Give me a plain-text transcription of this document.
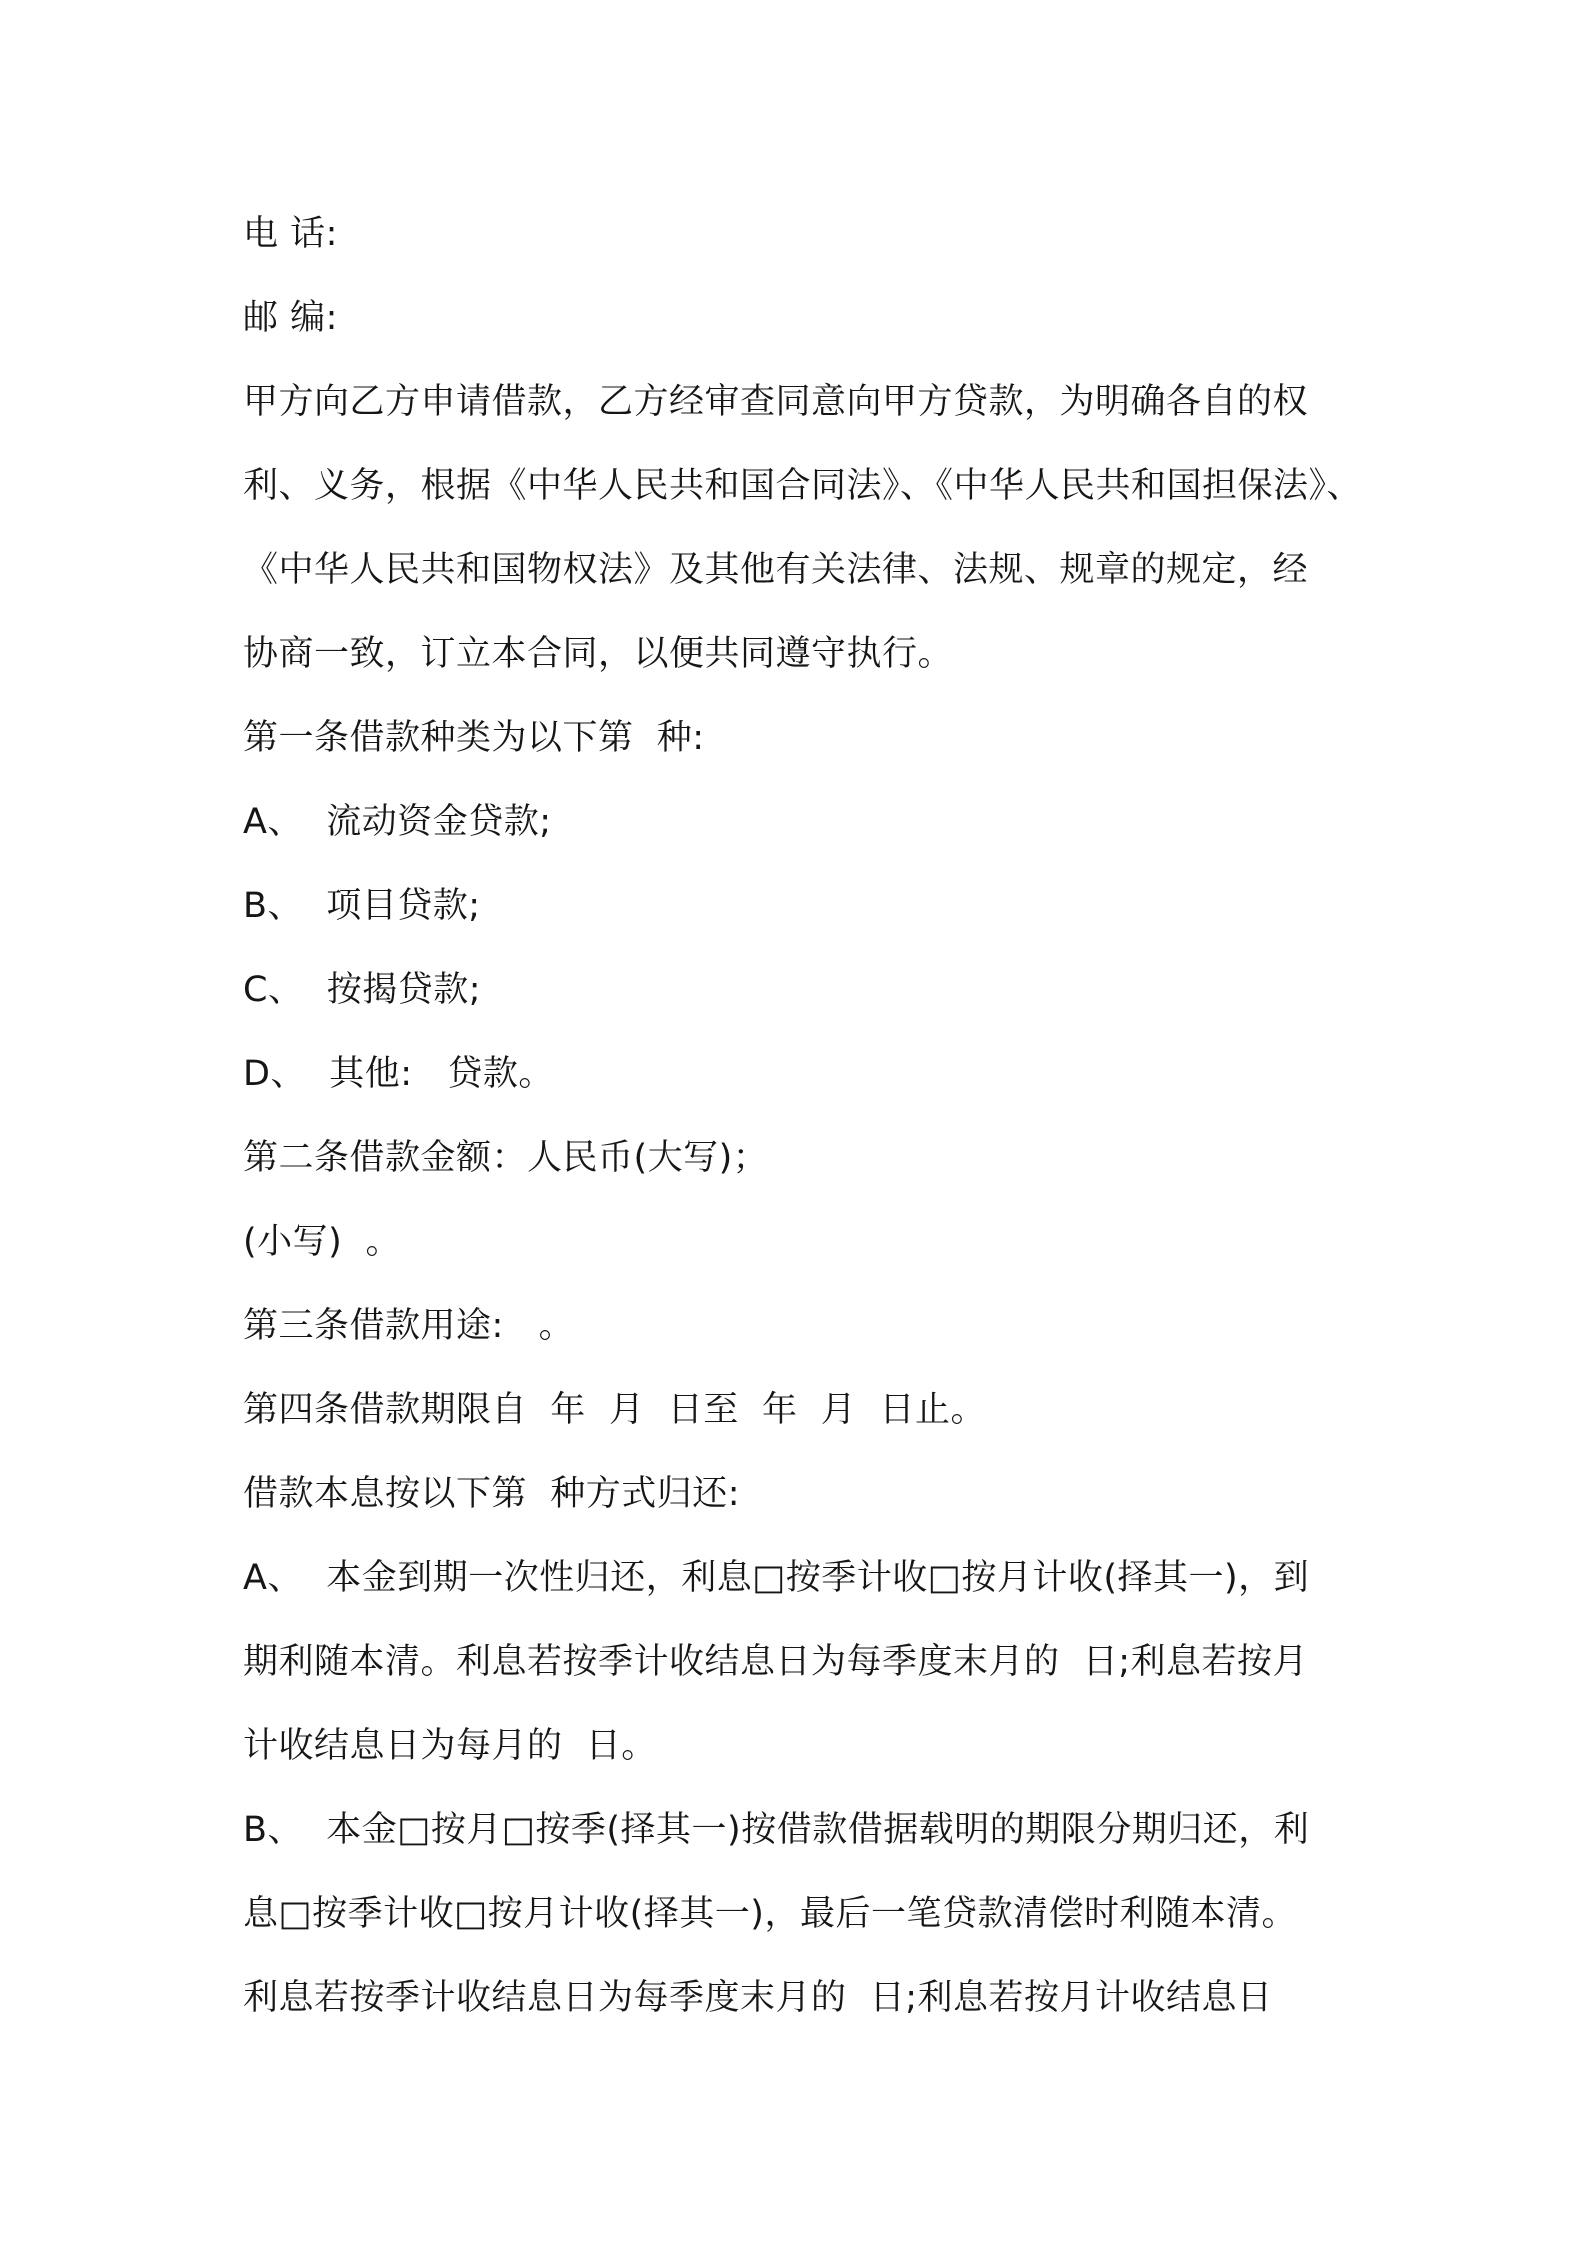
电 话:
邮 编:
甲方向乙方申请借款，乙方经审查同意向甲方贷款，为明确各自的权
利、义务，根据《中华人民共和国合同法》、《中华人民共和国担保法》、
《中华人民共和国物权法》及其他有关法律、法规、规章的规定，经
协商一致，订立本合同，以便共同遵守执行。
第一条借款种类为以下第  种:
A、  流动资金贷款;
B、  项目贷款;
C、  按揭贷款;
D、  其他:   贷款。
第二条借款金额：人民币(大写)；
(小写)  。
第三条借款用途:   。
第四条借款期限自  年  月  日至  年  月  日止。
借款本息按以下第  种方式归还:
A、  本金到期一次性归还，利息□按季计收□按月计收(择其一)，到
期利随本清。利息若按季计收结息日为每季度末月的  日;利息若按月
计收结息日为每月的  日。
B、  本金□按月□按季(择其一)按借款借据载明的期限分期归还，利
息□按季计收□按月计收(择其一)，最后一笔贷款清偿时利随本清。
利息若按季计收结息日为每季度末月的  日;利息若按月计收结息日
